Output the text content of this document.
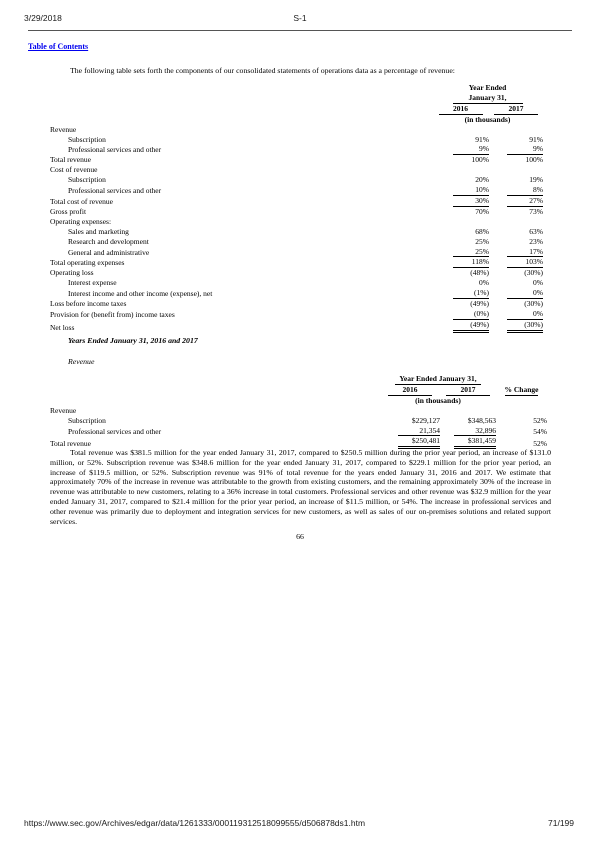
3/29/2018	S-1
Table of Contents
The following table sets forth the components of our consolidated statements of operations data as a percentage of revenue:
	Year Ended	
	January 31,	
	2016	2017
	(in thousands)	
Revenue		
Subscription	91%	91%
Professional services and other	9%	9%
Total revenue	100%	100%
Cost of revenue		
Subscription	20%	19%
Professional services and other	10%	8%
Total cost of revenue	30%	27%
Gross profit	70%	73%
Operating expenses:		
Sales and marketing	68%	63%
Research and development	25%	23%
General and administrative	25%	17%
Total operating expenses	118%	103%
Operating loss	(48%)	(30%)
Interest expense	0%	0%
Interest income and other income (expense), net	(1%)	0%
Loss before income taxes	(49%)	(30%)
Provision for (benefit from) income taxes	(0%)	0%
Net loss	(49%)	(30%)
Years Ended January 31, 2016 and 2017
Revenue
	Year Ended January 31,		
	2016	2017	% Change
	(in thousands)		
Revenue			
Subscription	$229,127	$348,563	52%
Professional services and other	21,354	32,896	54%
Total revenue	$250,481	$381,459	52%
Total revenue was $381.5 million for the year ended January 31, 2017, compared to $250.5 million during the prior year period, an increase of $131.0 million, or 52%. Subscription revenue was $348.6 million for the year ended January 31, 2017, compared to $229.1 million for the prior year period, an increase of $119.5 million, or 52%. Subscription revenue was 91% of total revenue for the years ended January 31, 2016 and 2017. We estimate that approximately 70% of the increase in revenue was attributable to the growth from existing customers, and the remaining approximately 30% of the increase in revenue was attributable to new customers, relating to a 36% increase in total customers. Professional services and other revenue was $32.9 million for the year ended January 31, 2017, compared to $21.4 million for the prior year period, an increase of $11.5 million, or 54%. The increase in professional services and other revenue was primarily due to deployment and integration services for new customers, as well as sales of our on-premises solutions and related support services.
66
https://www.sec.gov/Archives/edgar/data/1261333/000119312518099555/d506878ds1.htm	71/199
